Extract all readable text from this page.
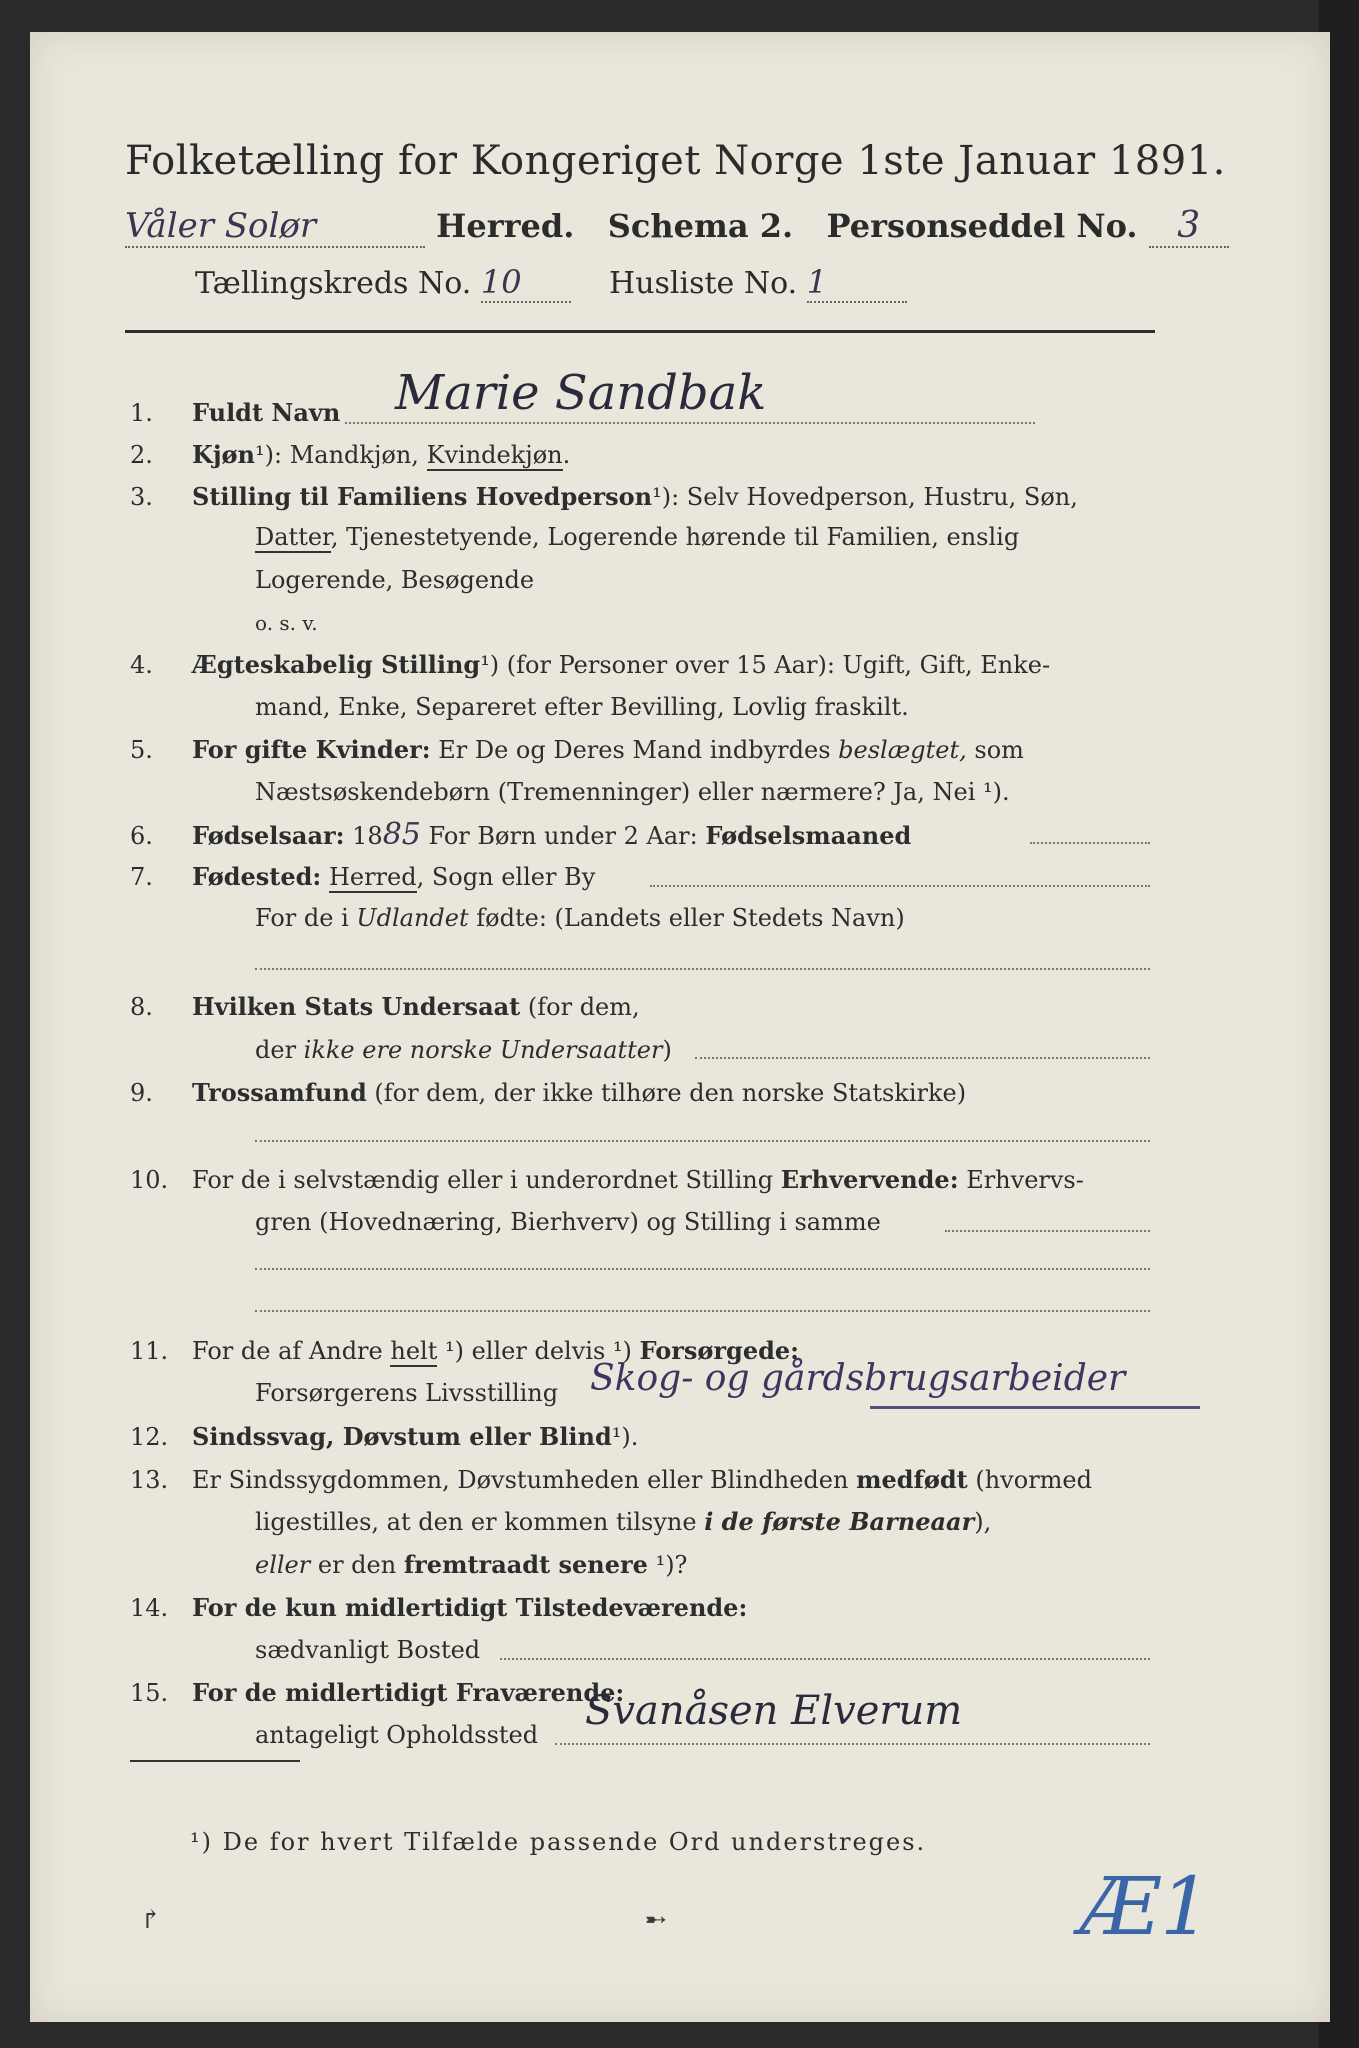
Folketælling for Kongeriget Norge 1ste Januar 1891.
Våler Solør	Herred. Schema 2. Personseddel No. 3
Tællingskreds No. 10	Husliste No. 1
1. Fuldt Navn	Marie Sandbak
2. Kjøn¹): Mandkjøn, Kvindekjøn.
3. Stilling til Familiens Hovedperson¹): Selv Hovedperson, Hustru, Søn,
Datter, Tjenestetyende, Logerende hørende til Familien, enslig
Logerende, Besøgende
o. s. v.
4. Ægteskabelig Stilling¹) (for Personer over 15 Aar): Ugift, Gift, Enke-
mand, Enke, Separeret efter Bevilling, Lovlig fraskilt.
5. For gifte Kvinder: Er De og Deres Mand indbyrdes beslægtet, som
Næstsøskendebørn (Tremenninger) eller nærmere? Ja, Nei ¹).
6. Fødselsaar: 1885 For Børn under 2 Aar: Fødselsmaaned
7. Fødested: Herred, Sogn eller By
For de i Udlandet fødte: (Landets eller Stedets Navn)
8. Hvilken Stats Undersaat (for dem,
der ikke ere norske Undersaatter)
9. Trossamfund (for dem, der ikke tilhøre den norske Statskirke)
10. For de i selvstændig eller i underordnet Stilling Erhvervende: Erhvervs-
gren (Hovednæring, Bierhverv) og Stilling i samme
11. For de af Andre helt ¹) eller delvis ¹) Forsørgede:
Forsørgerens Livsstilling Skog- og gårdsbrugsarbeider
12. Sindssvag, Døvstum eller Blind¹).
13. Er Sindssygdommen, Døvstumheden eller Blindheden medfødt (hvormed
ligestilles, at den er kommen tilsyne i de første Barneaar),
eller er den fremtraadt senere ¹)?
14. For de kun midlertidigt Tilstedeværende:
sædvanligt Bosted
15. For de midlertidigt Fraværende:
antageligt Opholdssted
Svanåsen Elverum
¹) De for hvert Tilfælde passende Ord understreges.
↱	➸	Æ1
